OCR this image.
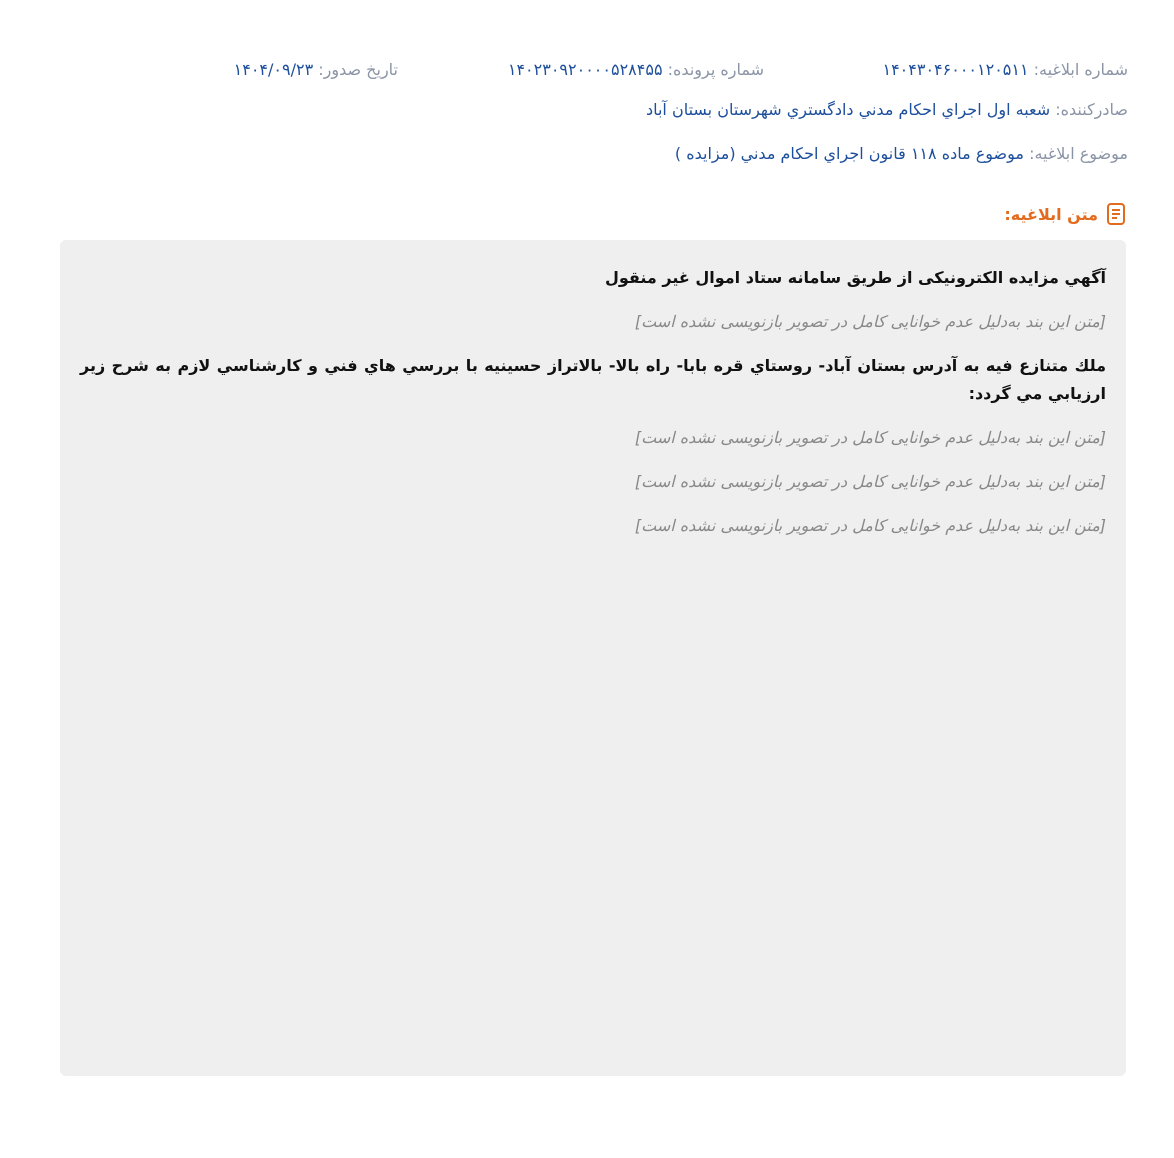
شماره ابلاغيه: ۱۴۰۴۳۰۴۶۰۰۰۱۲۰۵۱۱
شماره پرونده: ۱۴۰۲۳۰۹۲۰۰۰۰۵۲۸۴۵۵
تاريخ صدور: ۱۴۰۴/۰۹/۲۳
صادرکننده: شعبه اول اجراي احکام مدني دادگستري شهرستان بستان آباد
موضوع ابلاغيه: موضوع ماده ۱۱۸ قانون اجراي احکام مدني (مزايده )
متن ابلاغيه:

آگهي مزايده الکترونيکی از طريق سامانه ستاد اموال غير منقول

[متن این بند به‌دلیل عدم خوانایی کامل در تصویر بازنویسی نشده است]

ملك متنازع فيه به آدرس بستان آباد- روستاي قره بابا- راه بالا- بالاتراز حسينيه با بررسي هاي فني و کارشناسي لازم به شرح زير ارزيابي مي گردد:

[متن این بند به‌دلیل عدم خوانایی کامل در تصویر بازنویسی نشده است]

[متن این بند به‌دلیل عدم خوانایی کامل در تصویر بازنویسی نشده است]

[متن این بند به‌دلیل عدم خوانایی کامل در تصویر بازنویسی نشده است]
